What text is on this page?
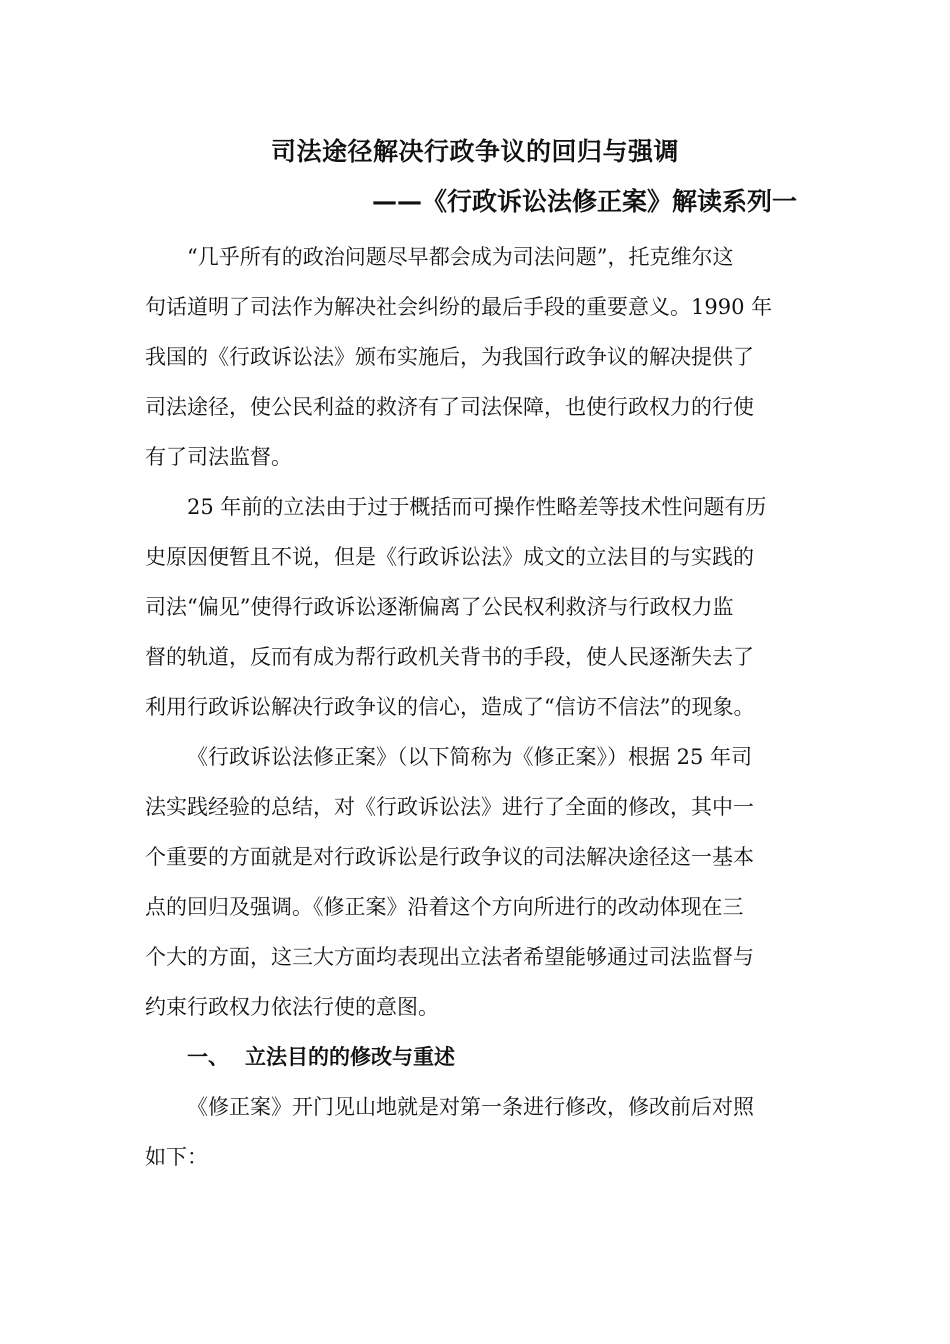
司法途径解决行政争议的回归与强调
——《行政诉讼法修正案》解读系列一
“几乎所有的政治问题尽早都会成为司法问题”，托克维尔这
句话道明了司法作为解决社会纠纷的最后手段的重要意义。1990 年
我国的《行政诉讼法》颁布实施后，为我国行政争议的解决提供了
司法途径，使公民利益的救济有了司法保障，也使行政权力的行使
有了司法监督。
25 年前的立法由于过于概括而可操作性略差等技术性问题有历
史原因便暂且不说，但是《行政诉讼法》成文的立法目的与实践的
司法“偏见”使得行政诉讼逐渐偏离了公民权利救济与行政权力监
督的轨道，反而有成为帮行政机关背书的手段，使人民逐渐失去了
利用行政诉讼解决行政争议的信心，造成了“信访不信法”的现象。
《行政诉讼法修正案》（以下简称为《修正案》）根据 25 年司
法实践经验的总结，对《行政诉讼法》进行了全面的修改，其中一
个重要的方面就是对行政诉讼是行政争议的司法解决途径这一基本
点的回归及强调。《修正案》沿着这个方向所进行的改动体现在三
个大的方面，这三大方面均表现出立法者希望能够通过司法监督与
约束行政权力依法行使的意图。
一、 立法目的的修改与重述
《修正案》开门见山地就是对第一条进行修改，修改前后对照
如下：
